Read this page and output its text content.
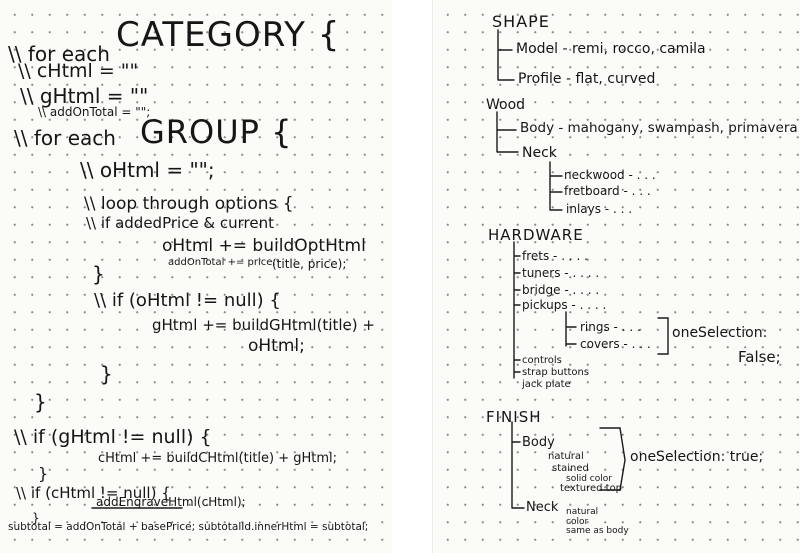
\\ for each CATEGORY {
\\ cHtml = ""
\\ gHtml = ""
\\ addOnTotal = "";
\\ for each GROUP {
\\ oHtml = "";
\\ loop through options {
\\ if addedPrice & current
oHtml += buildOptHtml
(title, price);
addOnTotal += price;
}
\\ if (oHtml != null) {
gHtml += buildGHtml(title) +
oHtml;
}
}
\\ if (gHtml != null) {
cHtml += buildCHtml(title) + gHtml;
}
\\ if (cHtml != null) {
addEngraveHtml(cHtml);
}
subtotal = addOnTotal + basePrice; subtotalId.innerHtml = subtotal;
SHAPE
Model - remi, rocco, camila
Profile - flat, curved
Wood
Body - mahogany, swampash, primavera
Neck
neckwood - . . .
fretboard - . . .
inlays - . . .
HARDWARE
frets - . . . .
tuners - . . . .
bridge - . . . .
pickups - . . . .
rings - . . .
covers - . . .
oneSelection:
False;
controls
strap buttons
jack plate
FINISH
Body
natural
stained
solid color
textured top
oneSelection: true;
Neck natural
color
same as body
